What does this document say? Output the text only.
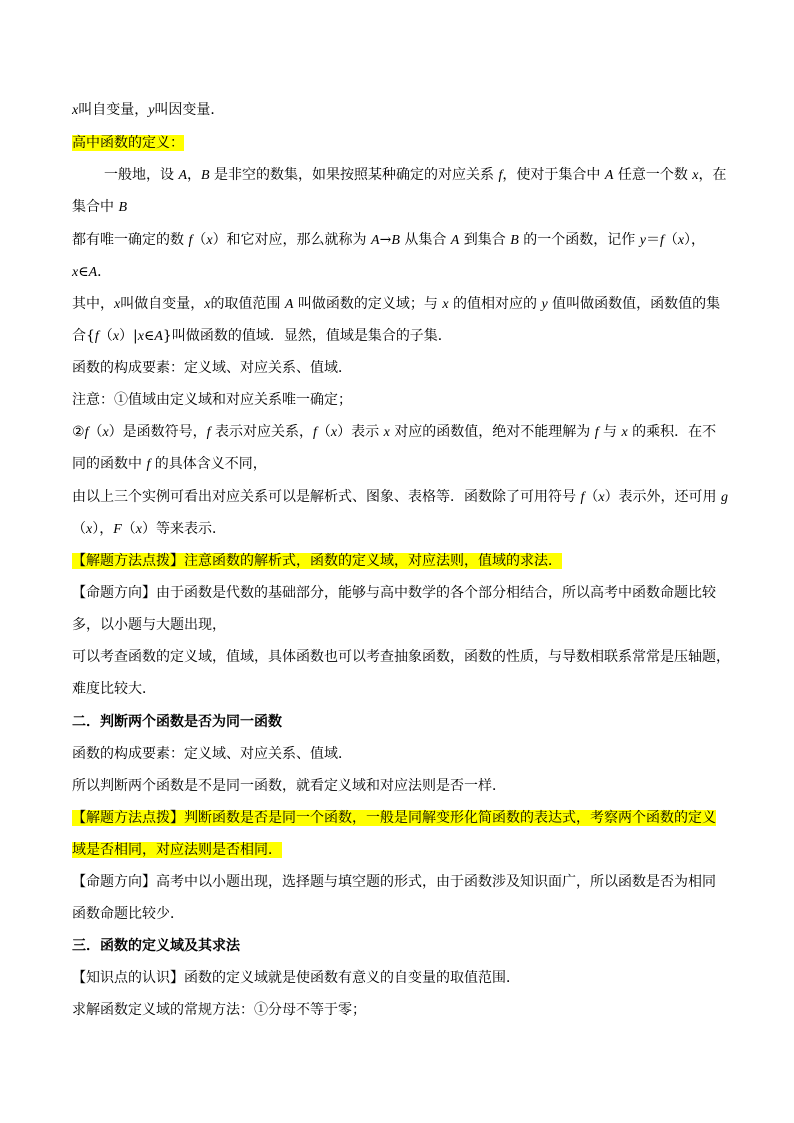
x叫自变量，y叫因变量．
高中函数的定义：
一般地，设 A，B 是非空的数集，如果按照某种确定的对应关系 f，使对于集合中 A 任意一个数 x，在
集合中 B
都有唯一确定的数 f（x）和它对应，那么就称为 A→B 从集合 A 到集合 B 的一个函数，记作 y＝f（x），
x∈A．
其中，x叫做自变量，x的取值范围 A 叫做函数的定义域；与 x 的值相对应的 y 值叫做函数值，函数值的集
合{f（x）|x∈A}叫做函数的值域．显然，值域是集合的子集．
函数的构成要素：定义域、对应关系、值域．
注意：①值域由定义域和对应关系唯一确定；
②f（x）是函数符号，f 表示对应关系，f（x）表示 x 对应的函数值，绝对不能理解为 f 与 x 的乘积．在不
同的函数中 f 的具体含义不同，
由以上三个实例可看出对应关系可以是解析式、图象、表格等．函数除了可用符号 f（x）表示外，还可用 g
（x），F（x）等来表示．
【解题方法点拨】注意函数的解析式，函数的定义域，对应法则，值域的求法．
【命题方向】由于函数是代数的基础部分，能够与高中数学的各个部分相结合，所以高考中函数命题比较
多，以小题与大题出现，
可以考查函数的定义域，值域，具体函数也可以考查抽象函数，函数的性质，与导数相联系常常是压轴题，
难度比较大．
二．判断两个函数是否为同一函数
函数的构成要素：定义域、对应关系、值域．
所以判断两个函数是不是同一函数，就看定义域和对应法则是否一样．
【解题方法点拨】判断函数是否是同一个函数，一般是同解变形化简函数的表达式，考察两个函数的定义
域是否相同，对应法则是否相同．
【命题方向】高考中以小题出现，选择题与填空题的形式，由于函数涉及知识面广，所以函数是否为相同
函数命题比较少．
三．函数的定义域及其求法
【知识点的认识】函数的定义域就是使函数有意义的自变量的取值范围．
求解函数定义域的常规方法：①分母不等于零；
